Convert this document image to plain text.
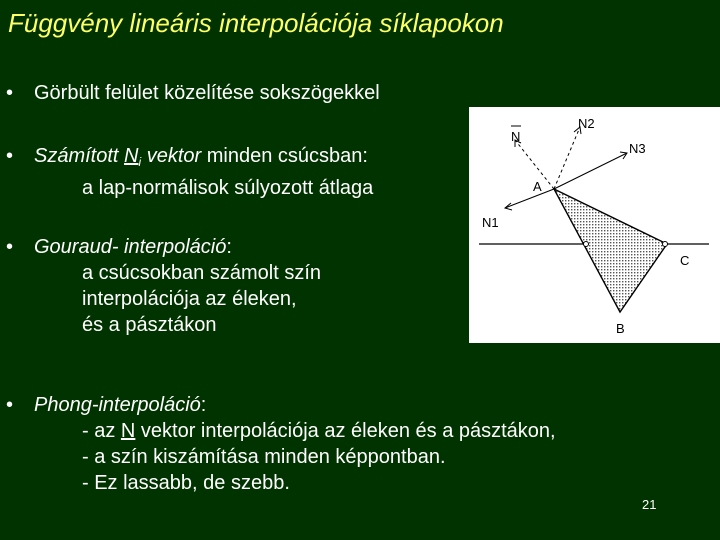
Függvény lineáris interpolációja síklapokon
• Görbült felület közelítése sokszögekkel
• Számított $N_i$ vektor minden csúcsban:
a lap-normálisok súlyozott átlaga
• Gouraud- interpoláció:
a csúcsokban számolt szín
interpolációja az éleken,
és a pásztákon
• Phong-interpoláció:
- az N vektor interpolációja az éleken és a pásztákon,
- a szín kiszámítása minden képpontban.
- Ez lassabb, de szebb.
N
N2
N3
N1
A
B
C
21
